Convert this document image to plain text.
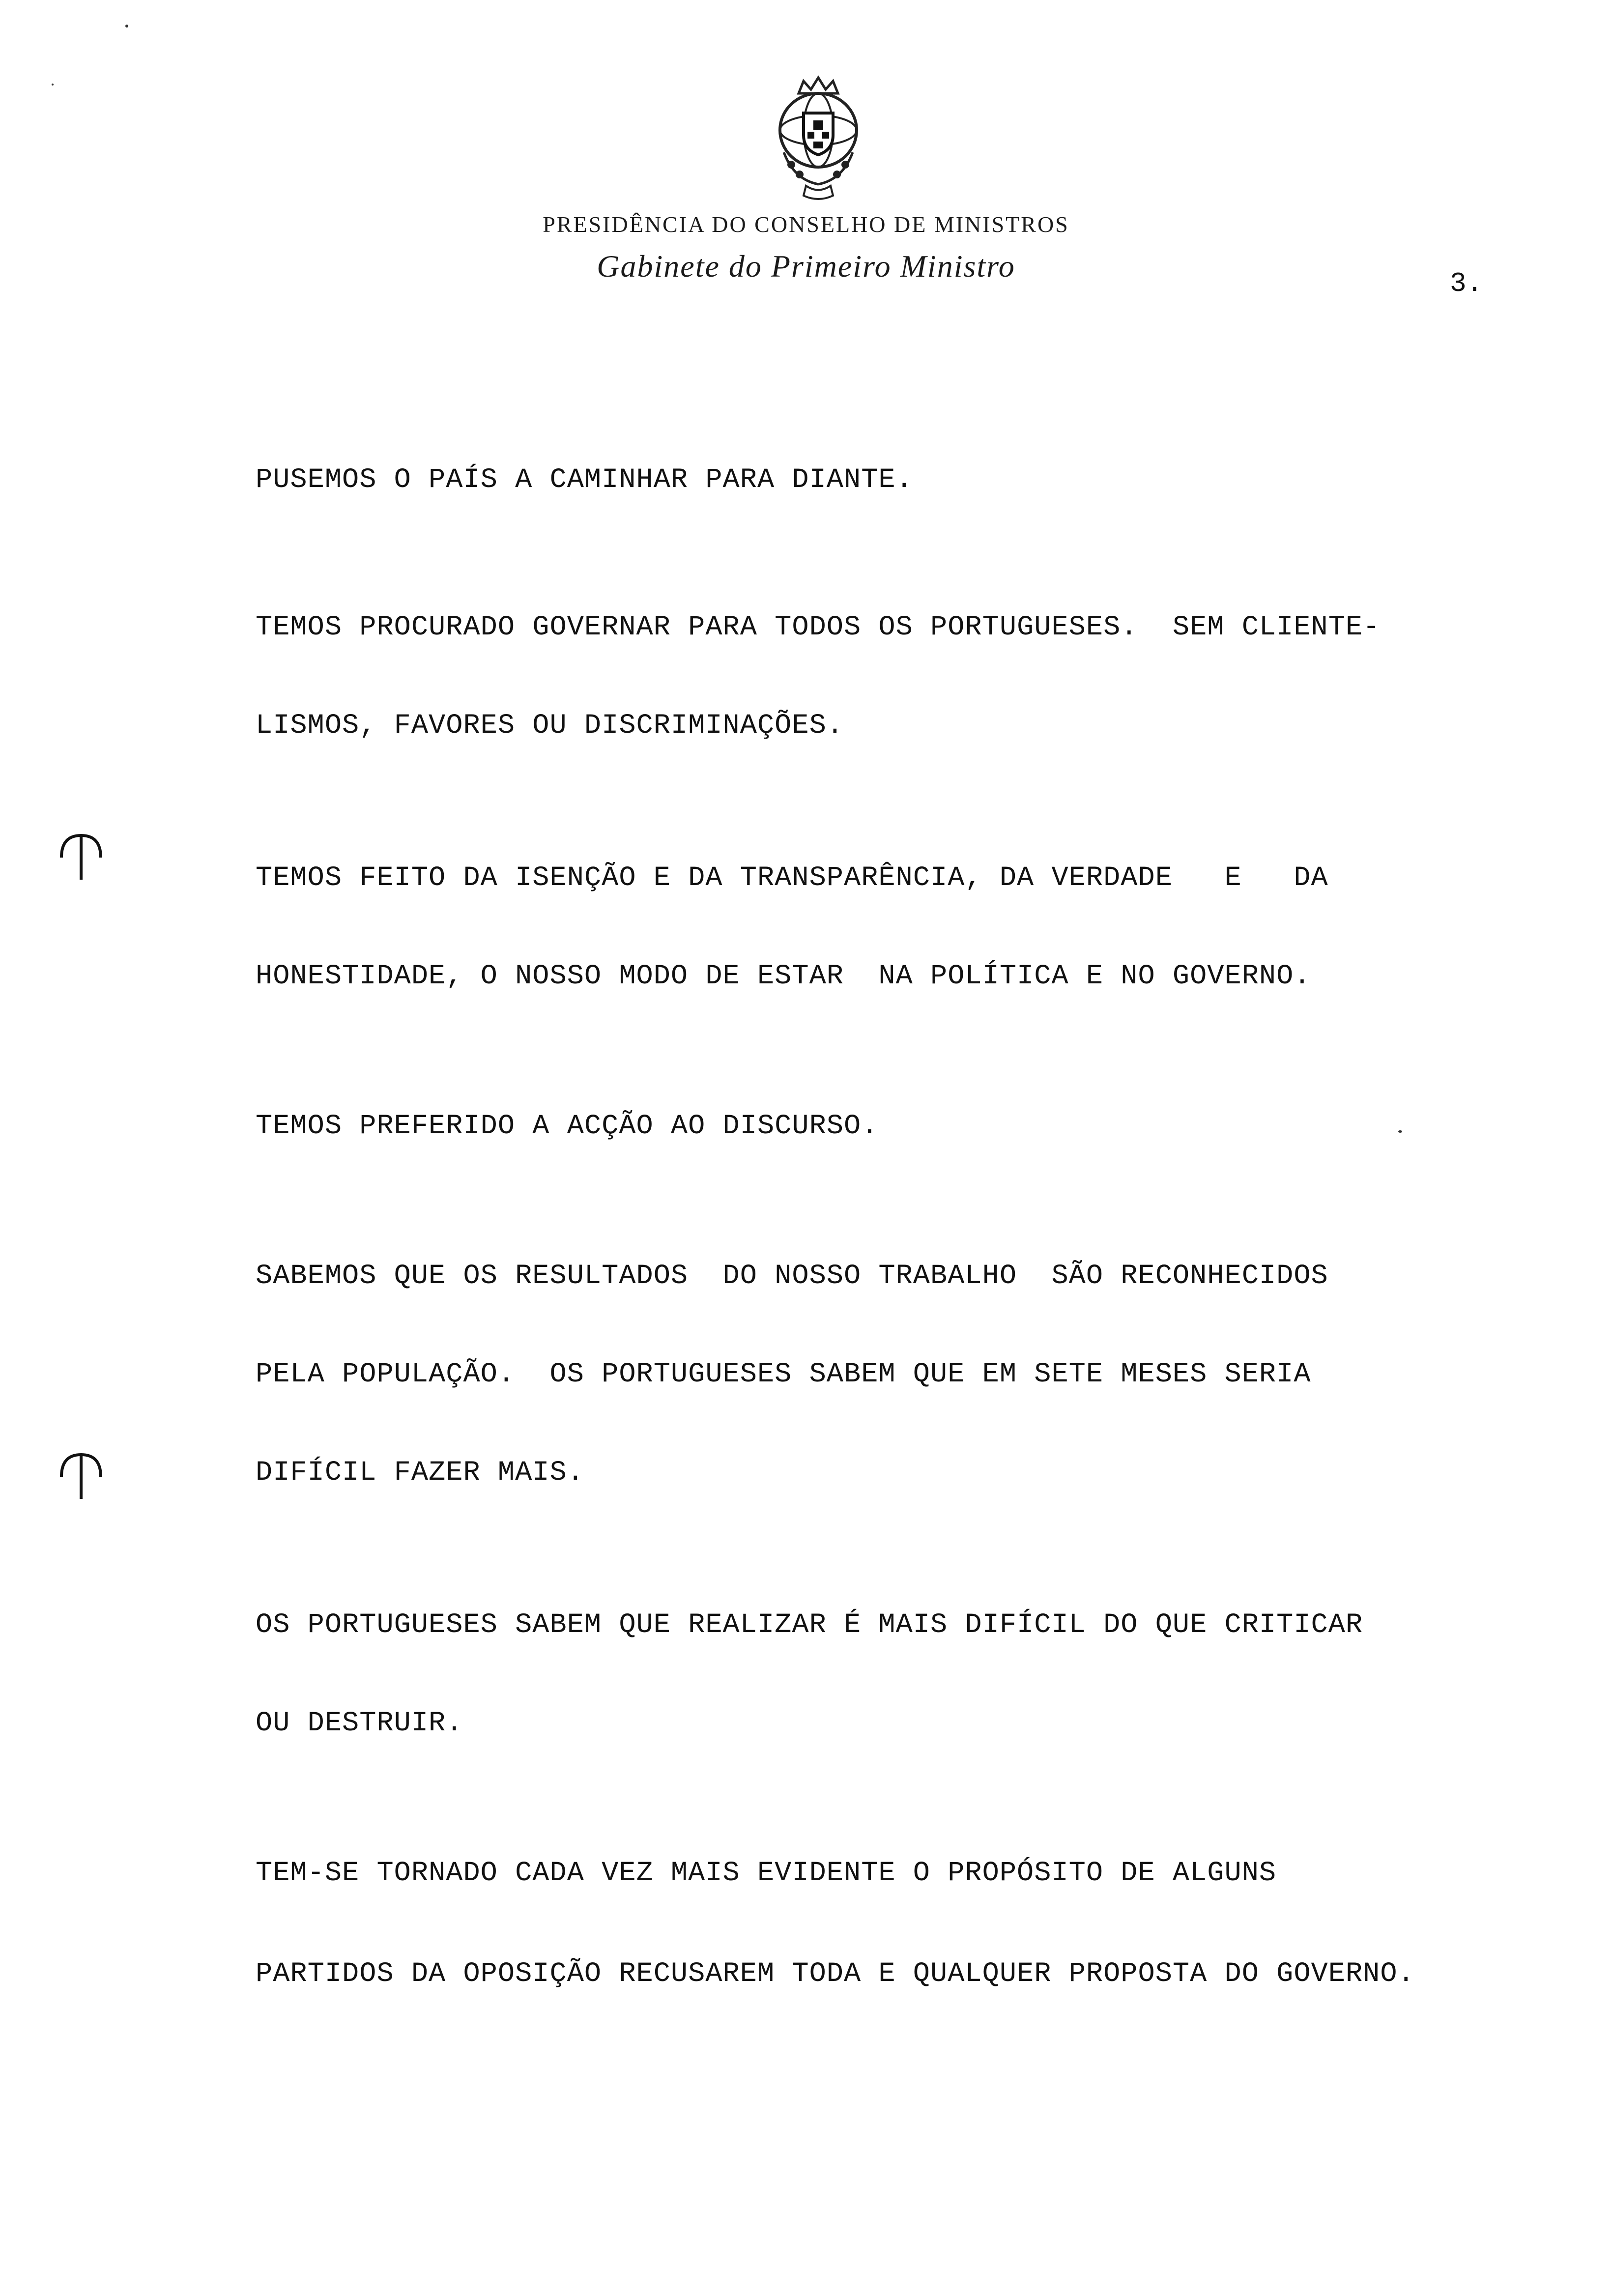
PRESIDÊNCIA DO CONSELHO DE MINISTROS
Gabinete do Primeiro Ministro	3.
PUSEMOS O PAÍS A CAMINHAR PARA DIANTE.
TEMOS PROCURADO GOVERNAR PARA TODOS OS PORTUGUESES.  SEM CLIENTE-
LISMOS, FAVORES OU DISCRIMINAÇÕES.
TEMOS FEITO DA ISENÇÃO E DA TRANSPARÊNCIA, DA VERDADE   E   DA
HONESTIDADE, O NOSSO MODO DE ESTAR  NA POLÍTICA E NO GOVERNO.
TEMOS PREFERIDO A ACÇÃO AO DISCURSO.
SABEMOS QUE OS RESULTADOS  DO NOSSO TRABALHO  SÃO RECONHECIDOS
PELA POPULAÇÃO.  OS PORTUGUESES SABEM QUE EM SETE MESES SERIA
DIFÍCIL FAZER MAIS.
OS PORTUGUESES SABEM QUE REALIZAR É MAIS DIFÍCIL DO QUE CRITICAR
OU DESTRUIR.
TEM-SE TORNADO CADA VEZ MAIS EVIDENTE O PROPÓSITO DE ALGUNS
PARTIDOS DA OPOSIÇÃO RECUSAREM TODA E QUALQUER PROPOSTA DO GOVERNO.
